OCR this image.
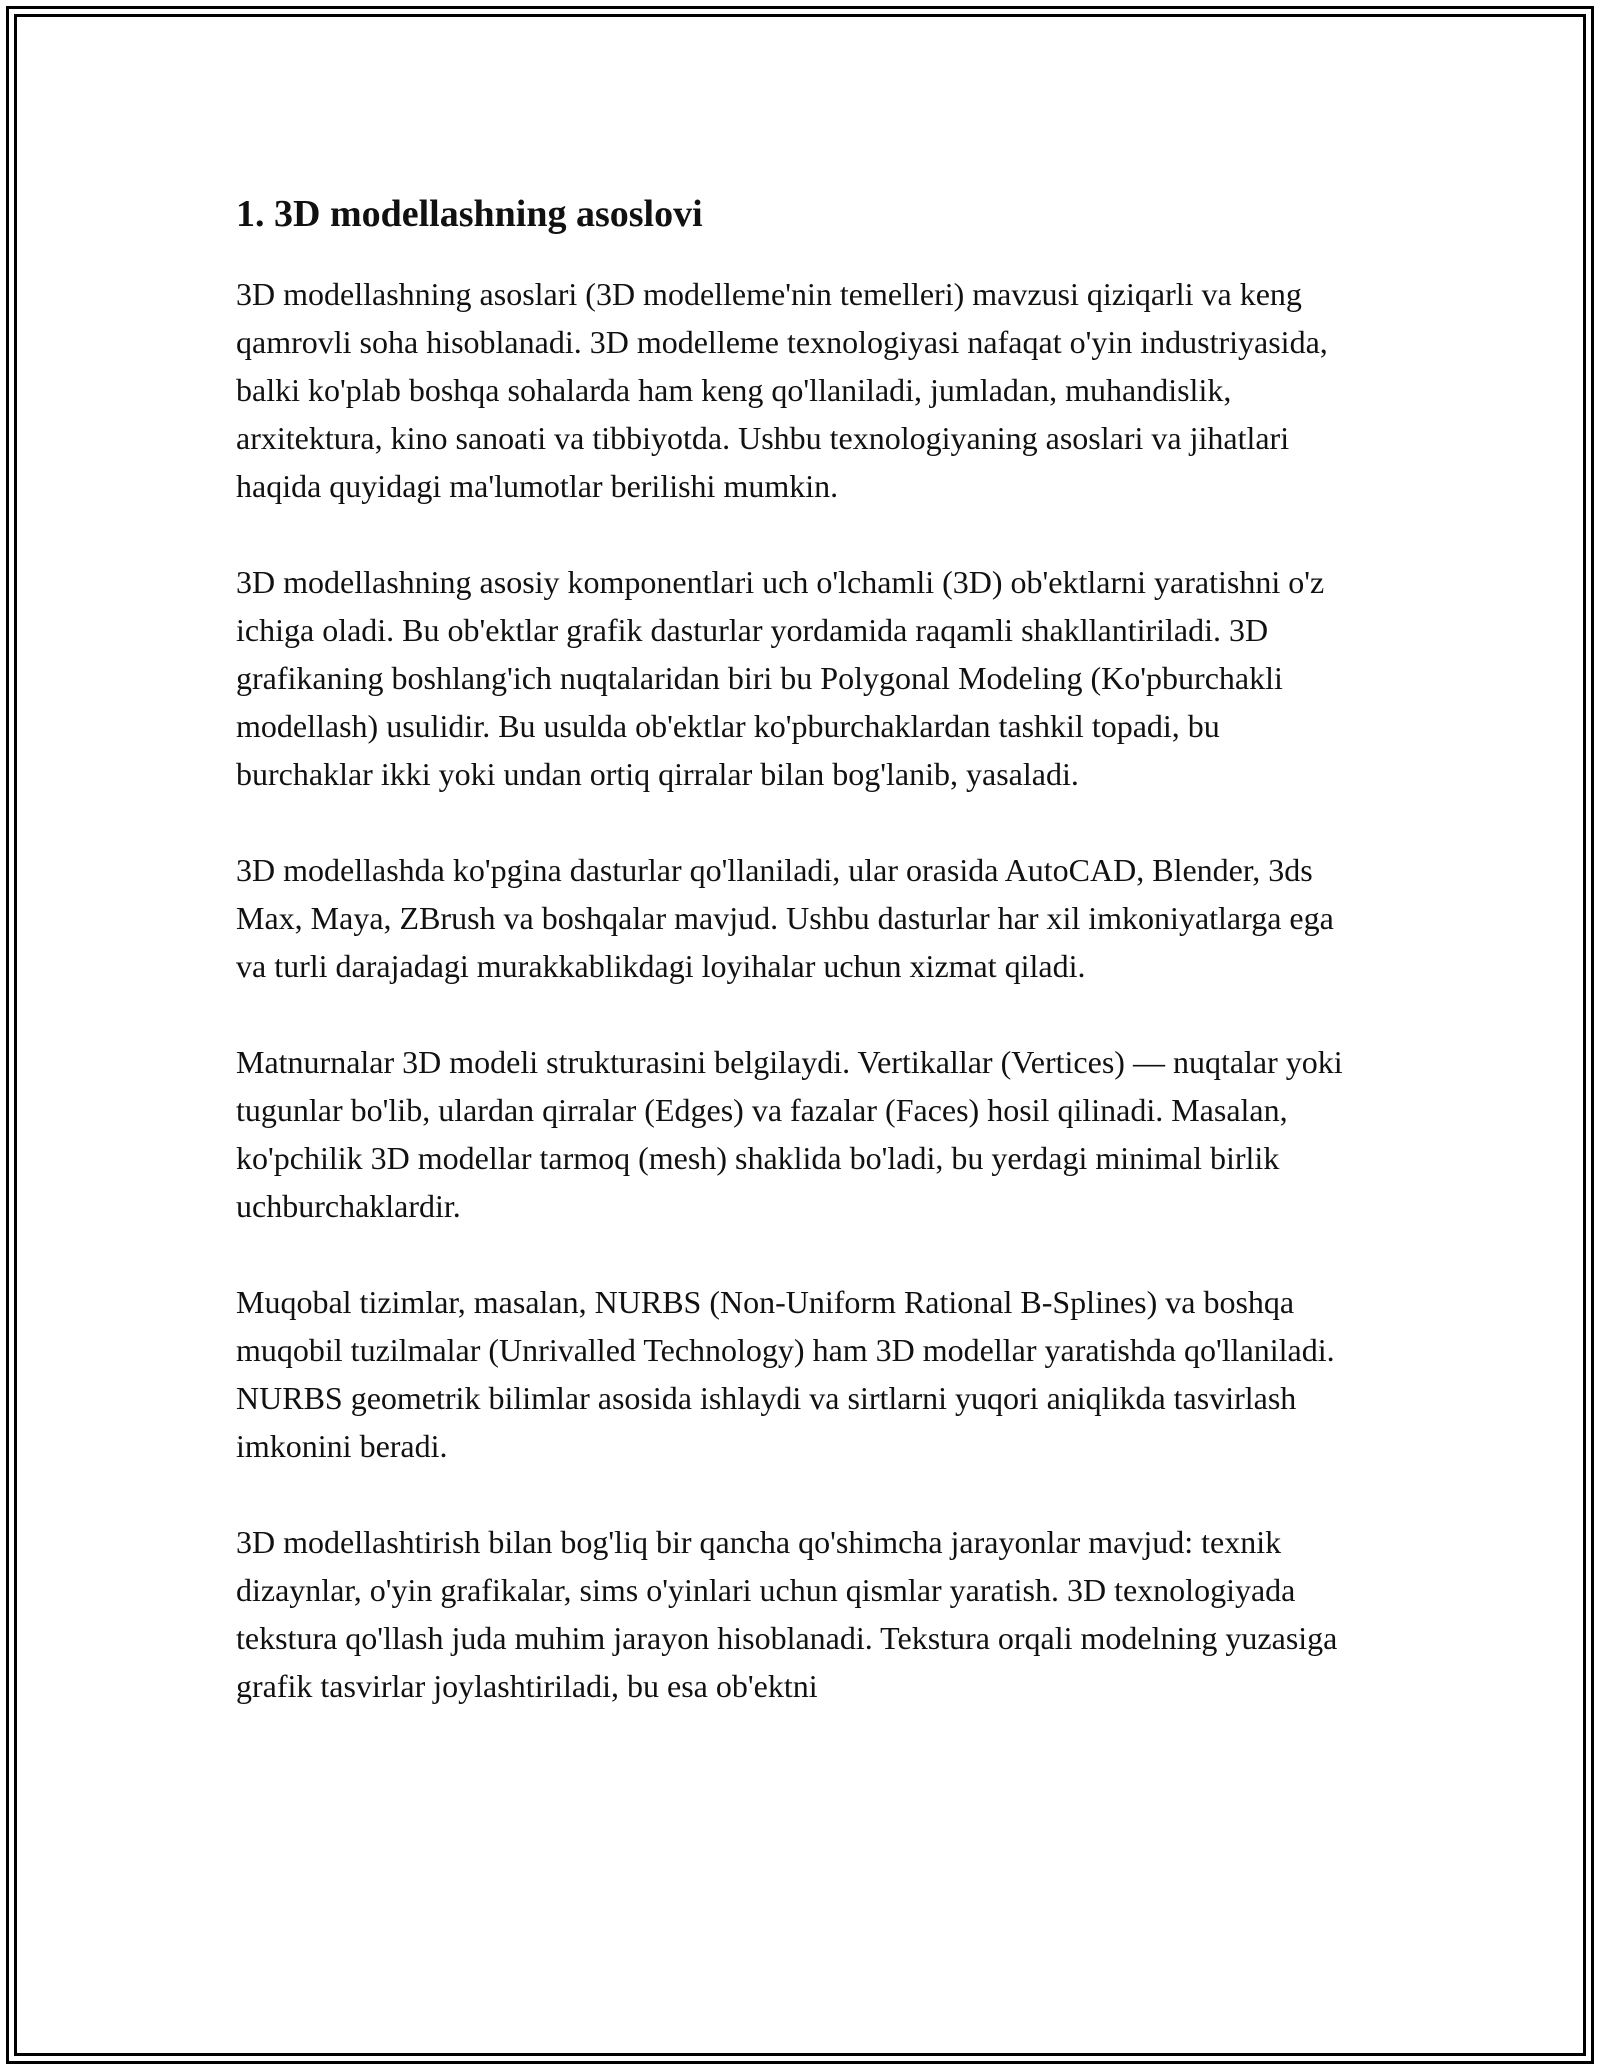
1. 3D modellashning asoslovi

3D modellashning asoslari (3D modelleme'nin temelleri) mavzusi qiziqarli va keng qamrovli soha hisoblanadi. 3D modelleme texnologiyasi nafaqat o'yin industriyasida, balki ko'plab boshqa sohalarda ham keng qo'llaniladi, jumladan, muhandislik, arxitektura, kino sanoati va tibbiyotda. Ushbu texnologiyaning asoslari va jihatlari haqida quyidagi ma'lumotlar berilishi mumkin.

3D modellashning asosiy komponentlari uch o'lchamli (3D) ob'ektlarni yaratishni o'z ichiga oladi. Bu ob'ektlar grafik dasturlar yordamida raqamli shakllantiriladi. 3D grafikaning boshlang'ich nuqtalaridan biri bu Polygonal Modeling (Ko'pburchakli modellash) usulidir. Bu usulda ob'ektlar ko'pburchaklardan tashkil topadi, bu burchaklar ikki yoki undan ortiq qirralar bilan bog'lanib, yasaladi.

3D modellashda ko'pgina dasturlar qo'llaniladi, ular orasida AutoCAD, Blender, 3ds Max, Maya, ZBrush va boshqalar mavjud. Ushbu dasturlar har xil imkoniyatlarga ega va turli darajadagi murakkablikdagi loyihalar uchun xizmat qiladi.

Matnurnalar 3D modeli strukturasini belgilaydi. Vertikallar (Vertices) — nuqtalar yoki tugunlar bo'lib, ulardan qirralar (Edges) va fazalar (Faces) hosil qilinadi. Masalan, ko'pchilik 3D modellar tarmoq (mesh) shaklida bo'ladi, bu yerdagi minimal birlik uchburchaklardir.

Muqobal tizimlar, masalan, NURBS (Non-Uniform Rational B-Splines) va boshqa muqobil tuzilmalar (Unrivalled Technology) ham 3D modellar yaratishda qo'llaniladi. NURBS geometrik bilimlar asosida ishlaydi va sirtlarni yuqori aniqlikda tasvirlash imkonini beradi.

3D modellashtirish bilan bog'liq bir qancha qo'shimcha jarayonlar mavjud: texnik dizaynlar, o'yin grafikalar, sims o'yinlari uchun qismlar yaratish. 3D texnologiyada tekstura qo'llash juda muhim jarayon hisoblanadi. Tekstura orqali modelning yuzasiga grafik tasvirlar joylashtiriladi, bu esa ob'ektni
